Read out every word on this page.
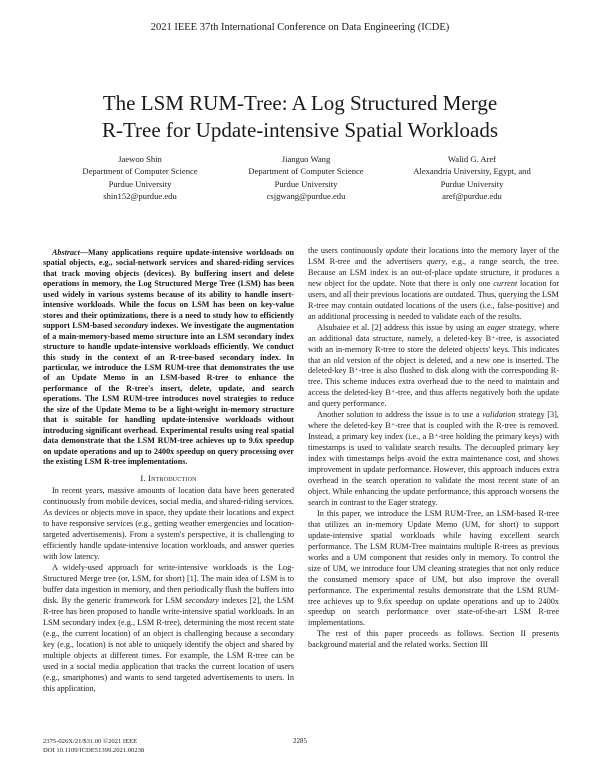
2021 IEEE 37th International Conference on Data Engineering (ICDE)
The LSM RUM-Tree: A Log Structured Merge
R-Tree for Update-intensive Spatial Workloads
Jaewoo Shin
Department of Computer Science
Purdue University
shin152@purdue.edu
Jianguo Wang
Department of Computer Science
Purdue University
csjgwang@purdue.edu
Walid G. Aref
Alexandria University, Egypt, and
Purdue University
aref@purdue.edu

Abstract—Many applications require update-intensive workloads on spatial objects, e.g., social-network services and shared-riding services that track moving objects (devices). By buffering insert and delete operations in memory, the Log Structured Merge Tree (LSM) has been used widely in various systems because of its ability to handle insert-intensive workloads. While the focus on LSM has been on key-value stores and their optimizations, there is a need to study how to efficiently support LSM-based secondary indexes. We investigate the augmentation of a main-memory-based memo structure into an LSM secondary index structure to handle update-intensive workloads efficiently. We conduct this study in the context of an R-tree-based secondary index. In particular, we introduce the LSM RUM-tree that demonstrates the use of an Update Memo in an LSM-based R-tree to enhance the performance of the R-tree's insert, delete, update, and search operations. The LSM RUM-tree introduces novel strategies to reduce the size of the Update Memo to be a light-weight in-memory structure that is suitable for handling update-intensive workloads without introducing significant overhead. Experimental results using real spatial data demonstrate that the LSM RUM-tree achieves up to 9.6x speedup on update operations and up to 2400x speedup on query processing over the existing LSM R-tree implementations.

I. Introduction

In recent years, massive amounts of location data have been generated continuously from mobile devices, social media, and shared-riding services. As devices or objects move in space, they update their locations and expect to have responsive services (e.g., getting weather emergencies and location-targeted advertisements). From a system's perspective, it is challenging to efficiently handle update-intensive location workloads, and answer queries with low latency.

A widely-used approach for write-intensive workloads is the Log-Structured Merge tree (or, LSM, for short) [1]. The main idea of LSM is to buffer data ingestion in memory, and then periodically flush the buffers into disk. By the generic framework for LSM secondary indexes [2], the LSM R-tree has been proposed to handle write-intensive spatial workloads. In an LSM secondary index (e.g., LSM R-tree), determining the most recent state (e.g., the current location) of an object is challenging because a secondary key (e.g., location) is not able to uniquely identify the object and shared by multiple objects at different times. For example, the LSM R-tree can be used in a social media application that tracks the current location of users (e.g., smartphones) and wants to send targeted advertisements to users. In this application,

the users continuously update their locations into the memory layer of the LSM R-tree and the advertisers query, e.g., a range search, the tree. Because an LSM index is an out-of-place update structure, it produces a new object for the update. Note that there is only one current location for users, and all their previous locations are outdated. Thus, querying the LSM R-tree may contain outdated locations of the users (i.e., false-positive) and an additional processing is needed to validate each of the results.

Alsubaiee et al. [2] address this issue by using an eager strategy, where an additional data structure, namely, a deleted-key B⁺-tree, is associated with an in-memory R-tree to store the deleted objects' keys. This indicates that an old version of the object is deleted, and a new one is inserted. The deleted-key B⁺-tree is also flushed to disk along with the corresponding R-tree. This scheme induces extra overhead due to the need to maintain and access the deleted-key B⁺-tree, and thus affects negatively both the update and query performance.

Another solution to address the issue is to use a validation strategy [3], where the deleted-key B⁺-tree that is coupled with the R-tree is removed. Instead, a primary key index (i.e., a B⁺-tree holding the primary keys) with timestamps is used to validate search results. The decoupled primary key index with timestamps helps avoid the extra maintenance cost, and shows improvement in update performance. However, this approach induces extra overhead in the search operation to validate the most recent state of an object. While enhancing the update performance, this approach worsens the search in contrast to the Eager strategy.

In this paper, we introduce the LSM RUM-Tree, an LSM-based R-tree that utilizes an in-memory Update Memo (UM, for short) to support update-intensive spatial workloads while having excellent search performance. The LSM RUM-Tree maintains multiple R-trees as previous works and a UM component that resides only in memory. To control the size of UM, we introduce four UM cleaning strategies that not only reduce the consumed memory space of UM, but also improve the overall performance. The experimental results demonstrate that the LSM RUM-tree achieves up to 9.6x speedup on update operations and up to 2400x speedup on search performance over state-of-the-art LSM R-tree implementations.

The rest of this paper proceeds as follows. Section II presents background material and the related works. Section III

2375-026X/21/$31.00 ©2021 IEEE
DOI 10.1109/ICDE51399.2021.00238
2285
